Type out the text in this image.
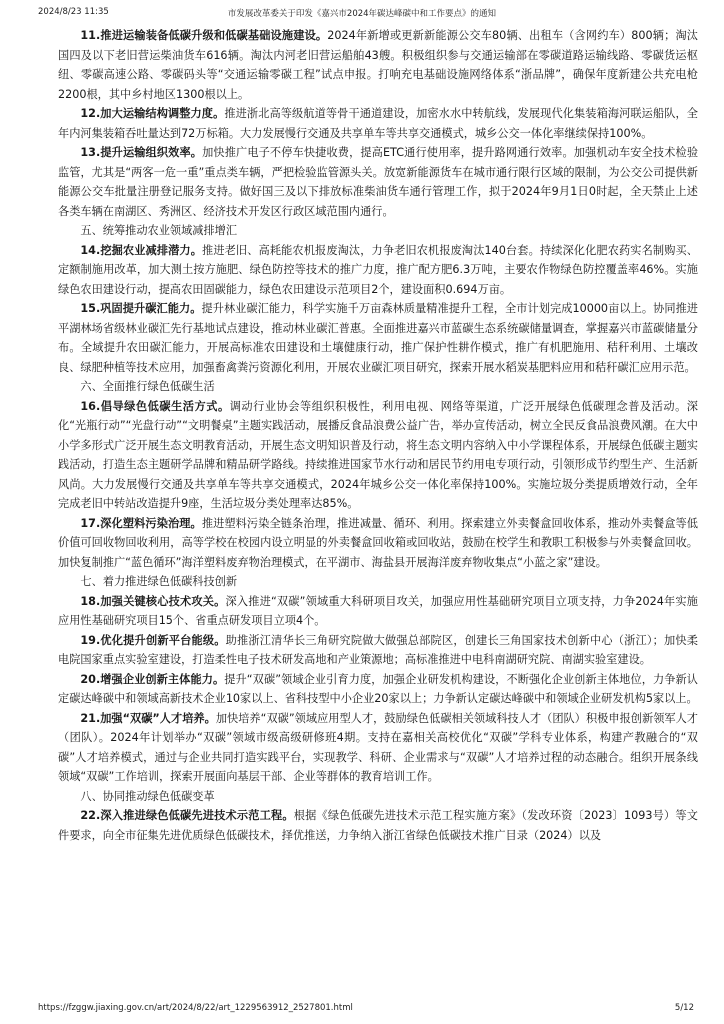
2024/8/23 11:35	市发展改革委关于印发《嘉兴市2024年碳达峰碳中和工作要点》的通知

11.推进运输装备低碳升级和低碳基础设施建设。2024年新增或更新新能源公交车80辆、出租车（含网约车）800辆；淘汰国四及以下老旧营运柴油货车616辆。淘汰内河老旧营运船舶43艘。积极组织参与交通运输部在零碳道路运输线路、零碳货运枢纽、零碳高速公路、零碳码头等“交通运输零碳工程”试点申报。打响充电基础设施网络体系“浙品牌”，确保年度新建公共充电枪2200根，其中乡村地区1300根以上。

12.加大运输结构调整力度。推进浙北高等级航道等骨干通道建设，加密水水中转航线，发展现代化集装箱海河联运船队，全年内河集装箱吞吐量达到72万标箱。大力发展慢行交通及共享单车等共享交通模式，城乡公交一体化率继续保持100%。

13.提升运输组织效率。加快推广电子不停车快捷收费，提高ETC通行使用率，提升路网通行效率。加强机动车安全技术检验监管，尤其是“两客一危一重”重点类车辆，严把检验监管源头关。放宽新能源货车在城市通行限行区域的限制，为公交公司提供新能源公交车批量注册登记服务支持。做好国三及以下排放标准柴油货车通行管理工作，拟于2024年9月1日0时起，全天禁止上述各类车辆在南湖区、秀洲区、经济技术开发区行政区域范围内通行。

五、统筹推动农业领域减排增汇

14.挖掘农业减排潜力。推进老旧、高耗能农机报废淘汰，力争老旧农机报废淘汰140台套。持续深化化肥农药实名制购买、定额制施用改革，加大测土按方施肥、绿色防控等技术的推广力度，推广配方肥6.3万吨，主要农作物绿色防控覆盖率46%。实施绿色农田建设行动，提高农田固碳能力，绿色农田建设示范项目2个，建设面积0.694万亩。

15.巩固提升碳汇能力。提升林业碳汇能力，科学实施千万亩森林质量精准提升工程，全市计划完成10000亩以上。协同推进平湖林场省级林业碳汇先行基地试点建设，推动林业碳汇普惠。全面推进嘉兴市蓝碳生态系统碳储量调查，掌握嘉兴市蓝碳储量分布。全域提升农田碳汇能力，开展高标准农田建设和土壤健康行动，推广保护性耕作模式，推广有机肥施用、秸秆利用、土壤改良、绿肥种植等技术应用，加强畜禽粪污资源化利用，开展农业碳汇项目研究，探索开展水稻炭基肥料应用和秸秆碳汇应用示范。

六、全面推行绿色低碳生活

16.倡导绿色低碳生活方式。调动行业协会等组织积极性，利用电视、网络等渠道，广泛开展绿色低碳理念普及活动。深化“光瓶行动”“光盘行动”“文明餐桌”主题实践活动，展播反食品浪费公益广告，举办宣传活动，树立全民反食品浪费风潮。在大中小学多形式广泛开展生态文明教育活动，开展生态文明知识普及行动，将生态文明内容纳入中小学课程体系，开展绿色低碳主题实践活动，打造生态主题研学品牌和精品研学路线。持续推进国家节水行动和居民节约用电专项行动，引领形成节约型生产、生活新风尚。大力发展慢行交通及共享单车等共享交通模式，2024年城乡公交一体化率保持100%。实施垃圾分类提质增效行动，全年完成老旧中转站改造提升9座，生活垃圾分类处理率达85%。

17.深化塑料污染治理。推进塑料污染全链条治理，推进减量、循环、利用。探索建立外卖餐盒回收体系，推动外卖餐盒等低价值可回收物回收利用，高等学校在校园内设立明显的外卖餐盒回收箱或回收站，鼓励在校学生和教职工积极参与外卖餐盒回收。加快复制推广“蓝色循环”海洋塑料废弃物治理模式，在平湖市、海盐县开展海洋废弃物收集点“小蓝之家”建设。

七、着力推进绿色低碳科技创新

18.加强关键核心技术攻关。深入推进“双碳”领域重大科研项目攻关，加强应用性基础研究项目立项支持，力争2024年实施应用性基础研究项目15个、省重点研发项目立项4个。

19.优化提升创新平台能级。助推浙江清华长三角研究院做大做强总部院区，创建长三角国家技术创新中心（浙江）；加快柔电院国家重点实验室建设，打造柔性电子技术研发高地和产业策源地；高标准推进中电科南湖研究院、南湖实验室建设。

20.增强企业创新主体能力。提升“双碳”领域企业引育力度，加强企业研发机构建设，不断强化企业创新主体地位，力争新认定碳达峰碳中和领域高新技术企业10家以上、省科技型中小企业20家以上；力争新认定碳达峰碳中和领域企业研发机构5家以上。

21.加强“双碳”人才培养。加快培养“双碳”领域应用型人才，鼓励绿色低碳相关领域科技人才（团队）积极申报创新领军人才（团队）。2024年计划举办“双碳”领域市级高级研修班4期。支持在嘉相关高校优化“双碳”学科专业体系，构建产教融合的“双碳”人才培养模式，通过与企业共同打造实践平台，实现教学、科研、企业需求与“双碳”人才培养过程的动态融合。组织开展条线领域“双碳”工作培训，探索开展面向基层干部、企业等群体的教育培训工作。

八、协同推动绿色低碳变革

22.深入推进绿色低碳先进技术示范工程。根据《绿色低碳先进技术示范工程实施方案》（发改环资〔2023〕1093号）等文件要求，向全市征集先进优质绿色低碳技术，择优推送，力争纳入浙江省绿色低碳技术推广目录（2024）以及

https://fzggw.jiaxing.gov.cn/art/2024/8/22/art_1229563912_2527801.html	5/12
